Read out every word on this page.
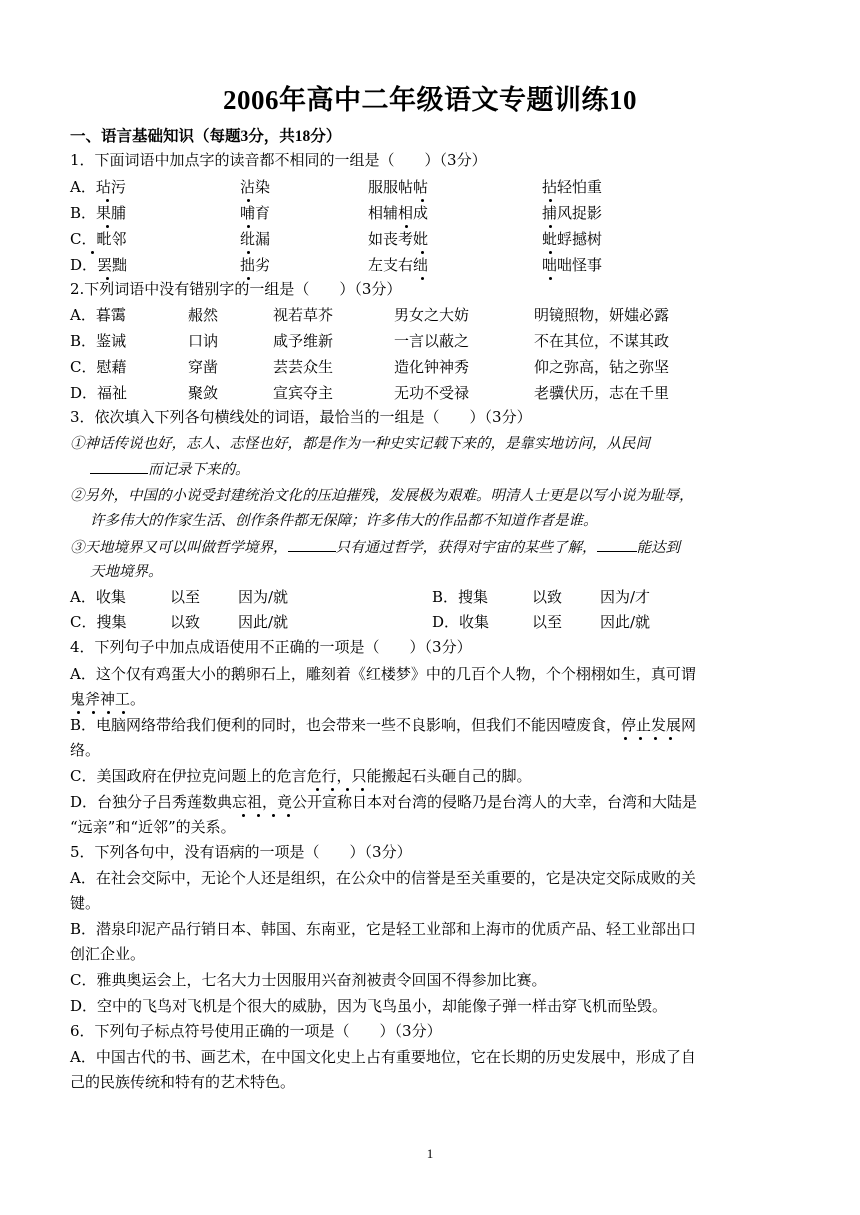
2006年高中二年级语文专题训练10
一、语言基础知识（每题3分，共18分）
1．下面词语中加点字的读音都不相同的一组是（　　）（3分）
A．玷污	沾染	服服帖帖	拈轻怕重
B．果脯	哺育	相辅相成	捕风捉影
C．毗邻	纰漏	如丧考妣	蚍蜉撼树
D．罢黜	拙劣	左支右绌	咄咄怪事
2.下列词语中没有错别字的一组是（　　）（3分）
A．暮霭	赧然	视若草芥	男女之大妨	明镜照物，妍媸必露
B．鉴诫	口讷	咸予维新	一言以蔽之	不在其位，不谋其政
C．慰藉	穿凿	芸芸众生	造化钟神秀	仰之弥高，钻之弥坚
D．福祉	聚敛	宣宾夺主	无功不受禄	老骥伏历，志在千里
3．依次填入下列各句横线处的词语，最恰当的一组是（　　）（3分）
①神话传说也好，志人、志怪也好，都是作为一种史实记载下来的，是靠实地访问，从民间
而记录下来的。
②另外，中国的小说受封建统治文化的压迫摧残，发展极为艰难。明清人士更是以写小说为耻辱，
许多伟大的作家生活、创作条件都无保障；许多伟大的作品都不知道作者是谁。
③天地境界又可以叫做哲学境界，	只有通过哲学，获得对宇宙的某些了解，	能达到
天地境界。
A．收集	以至	因为/就	B．搜集	以致	因为/才
C．搜集	以致	因此/就	D．收集	以至	因此/就
4．下列句子中加点成语使用不正确的一项是（　　）（3分）
A．这个仅有鸡蛋大小的鹅卵石上，雕刻着《红楼梦》中的几百个人物，个个栩栩如生，真可谓
鬼斧神工。
B．电脑网络带给我们便利的同时，也会带来一些不良影响，但我们不能因噎废食，停止发展网
络。
C．美国政府在伊拉克问题上的危言危行，只能搬起石头砸自己的脚。
D．台独分子吕秀莲数典忘祖，竟公开宣称日本对台湾的侵略乃是台湾人的大幸，台湾和大陆是
“远亲”和“近邻”的关系。
5．下列各句中，没有语病的一项是（　　）（3分）
A．在社会交际中，无论个人还是组织，在公众中的信誉是至关重要的，它是决定交际成败的关
键。
B．潜泉印泥产品行销日本、韩国、东南亚，它是轻工业部和上海市的优质产品、轻工业部出口
创汇企业。
C．雅典奥运会上，七名大力士因服用兴奋剂被责令回国不得参加比赛。
D．空中的飞鸟对飞机是个很大的威胁，因为飞鸟虽小，却能像子弹一样击穿飞机而坠毁。
6．下列句子标点符号使用正确的一项是（　　）（3分）
A．中国古代的书、画艺术，在中国文化史上占有重要地位，它在长期的历史发展中，形成了自
己的民族传统和特有的艺术特色。
1
